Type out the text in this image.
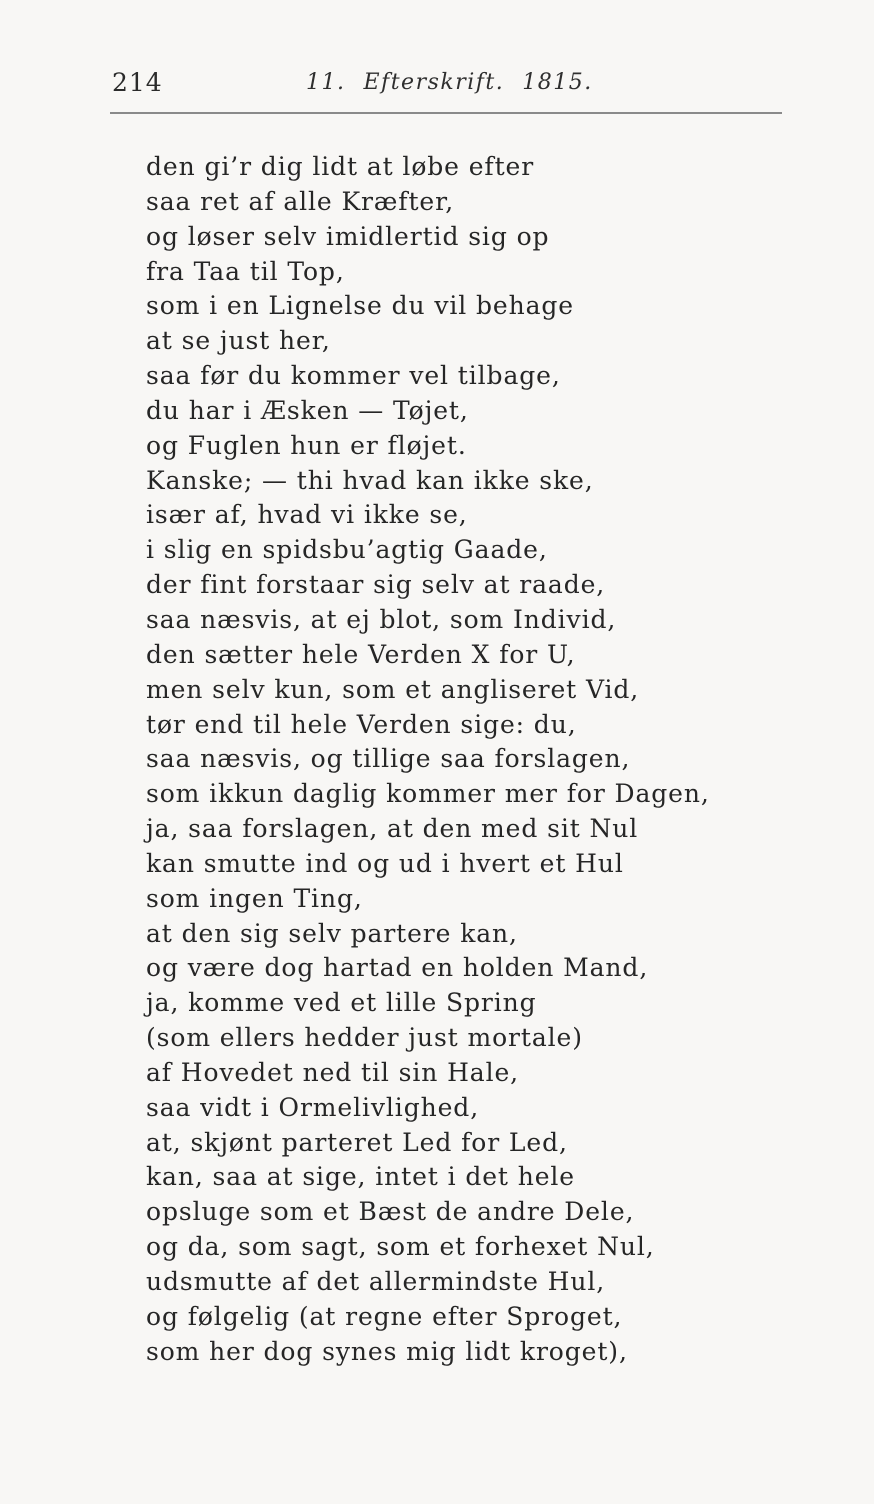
214	11. Efterskrift. 1815.
den gi’r dig lidt at løbe efter
saa ret af alle Kræfter,
og løser selv imidlertid sig op
fra Taa til Top,
som i en Lignelse du vil behage
at se just her,
saa før du kommer vel tilbage,
du har i Æsken — Tøjet,
og Fuglen hun er fløjet.
Kanske; — thi hvad kan ikke ske,
især af, hvad vi ikke se,
i slig en spidsbu’agtig Gaade,
der fint forstaar sig selv at raade,
saa næsvis, at ej blot, som Individ,
den sætter hele Verden X for U,
men selv kun, som et angliseret Vid,
tør end til hele Verden sige: du,
saa næsvis, og tillige saa forslagen,
som ikkun daglig kommer mer for Dagen,
ja, saa forslagen, at den med sit Nul
kan smutte ind og ud i hvert et Hul
som ingen Ting,
at den sig selv partere kan,
og være dog hartad en holden Mand,
ja, komme ved et lille Spring
(som ellers hedder just mortale)
af Hovedet ned til sin Hale,
saa vidt i Ormelivlighed,
at, skjønt parteret Led for Led,
kan, saa at sige, intet i det hele
opsluge som et Bæst de andre Dele,
og da, som sagt, som et forhexet Nul,
udsmutte af det allermindste Hul,
og følgelig (at regne efter Sproget,
som her dog synes mig lidt kroget),
